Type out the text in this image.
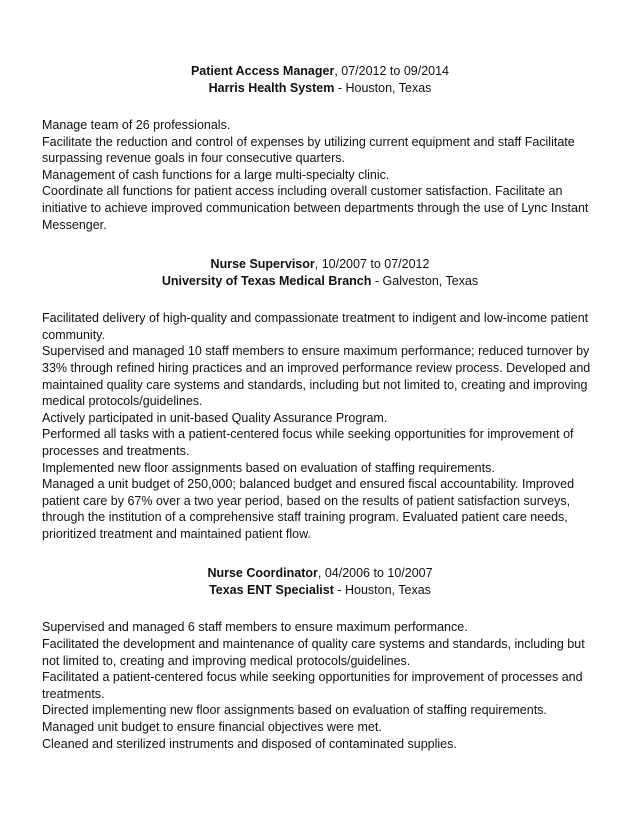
Patient Access Manager, 07/2012 to 09/2014
Harris Health System - Houston, Texas
Manage team of 26 professionals.
Facilitate the reduction and control of expenses by utilizing current equipment and staff Facilitate surpassing revenue goals in four consecutive quarters.
Management of cash functions for a large multi-specialty clinic.
Coordinate all functions for patient access including overall customer satisfaction. Facilitate an initiative to achieve improved communication between departments through the use of Lync Instant Messenger.
Nurse Supervisor, 10/2007 to 07/2012
University of Texas Medical Branch - Galveston, Texas
Facilitated delivery of high-quality and compassionate treatment to indigent and low-income patient community.
Supervised and managed 10 staff members to ensure maximum performance; reduced turnover by 33% through refined hiring practices and an improved performance review process. Developed and maintained quality care systems and standards, including but not limited to, creating and improving medical protocols/guidelines.
Actively participated in unit-based Quality Assurance Program.
Performed all tasks with a patient-centered focus while seeking opportunities for improvement of processes and treatments.
Implemented new floor assignments based on evaluation of staffing requirements.
Managed a unit budget of 250,000; balanced budget and ensured fiscal accountability. Improved patient care by 67% over a two year period, based on the results of patient satisfaction surveys, through the institution of a comprehensive staff training program. Evaluated patient care needs, prioritized treatment and maintained patient flow.
Nurse Coordinator, 04/2006 to 10/2007
Texas ENT Specialist - Houston, Texas
Supervised and managed 6 staff members to ensure maximum performance.
Facilitated the development and maintenance of quality care systems and standards, including but not limited to, creating and improving medical protocols/guidelines.
Facilitated a patient-centered focus while seeking opportunities for improvement of processes and treatments.
Directed implementing new floor assignments based on evaluation of staffing requirements.
Managed unit budget to ensure financial objectives were met.
Cleaned and sterilized instruments and disposed of contaminated supplies.
